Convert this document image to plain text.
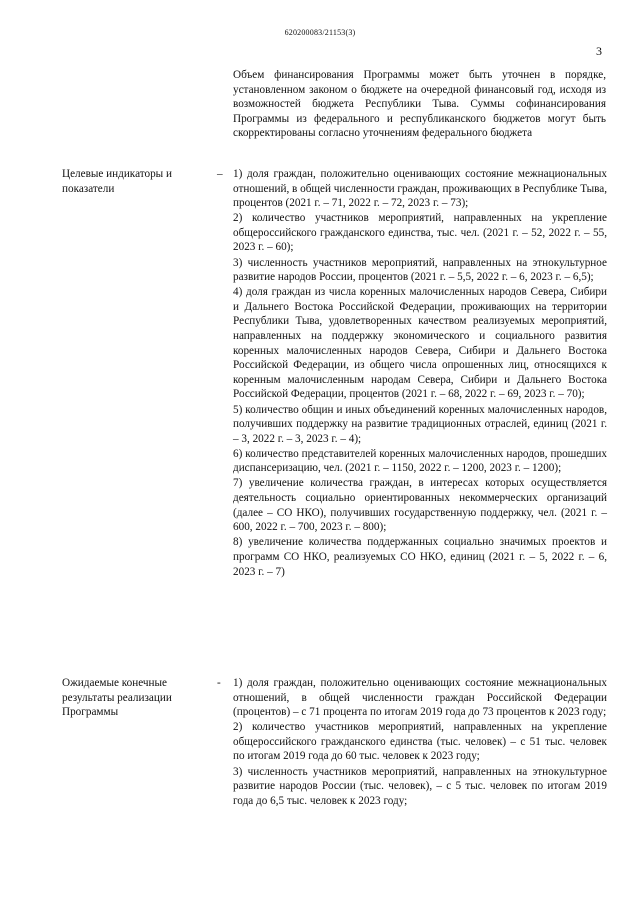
620200083/21153(3)
3

Объем финансирования Программы может быть уточнен в порядке, установленном законом о бюджете на очередной финансовый год, исходя из возможностей бюджета Республики Тыва. Суммы софинансирования Программы из федерального и республиканского бюджетов могут быть скорректированы согласно уточнениям федерального бюджета

Целевые индикаторы и показатели
– 1) доля граждан, положительно оценивающих состояние межнациональных отношений, в общей численности граждан, проживающих в Республике Тыва, процентов (2021 г. – 71, 2022 г. – 72, 2023 г. – 73);

2) количество участников мероприятий, направленных на укрепление общероссийского гражданского единства, тыс. чел. (2021 г. – 52, 2022 г. – 55, 2023 г. – 60);

3) численность участников мероприятий, направленных на этнокультурное развитие народов России, процентов (2021 г. – 5,5, 2022 г. – 6, 2023 г. – 6,5);

4) доля граждан из числа коренных малочисленных народов Севера, Сибири и Дальнего Востока Российской Федерации, проживающих на территории Республики Тыва, удовлетворенных качеством реализуемых мероприятий, направленных на поддержку экономического и социального развития коренных малочисленных народов Севера, Сибири и Дальнего Востока Российской Федерации, из общего числа опрошенных лиц, относящихся к коренным малочисленным народам Севера, Сибири и Дальнего Востока Российской Федерации, процентов (2021 г. – 68, 2022 г. – 69, 2023 г. – 70);

5) количество общин и иных объединений коренных малочисленных народов, получивших поддержку на развитие традиционных отраслей, единиц (2021 г. – 3, 2022 г. – 3, 2023 г. – 4);

6) количество представителей коренных малочисленных народов, прошедших диспансеризацию, чел. (2021 г. – 1150, 2022 г. – 1200, 2023 г. – 1200);

7) увеличение количества граждан, в интересах которых осуществляется деятельность социально ориентированных некоммерческих организаций (далее – СО НКО), получивших государственную поддержку, чел. (2021 г. – 600, 2022 г. – 700, 2023 г. – 800);

8) увеличение количества поддержанных социально значимых проектов и программ СО НКО, реализуемых СО НКО, единиц (2021 г. – 5, 2022 г. – 6, 2023 г. – 7)

Ожидаемые конечные результаты реализации Программы
- 1) доля граждан, положительно оценивающих состояние межнациональных отношений, в общей численности граждан Российской Федерации (процентов) – с 71 процента по итогам 2019 года до 73 процентов к 2023 году;

2) количество участников мероприятий, направленных на укрепление общероссийского гражданского единства (тыс. человек) – с 51 тыс. человек по итогам 2019 года до 60 тыс. человек к 2023 году;

3) численность участников мероприятий, направленных на этнокультурное развитие народов России (тыс. человек), – с 5 тыс. человек по итогам 2019 года до 6,5 тыс. человек к 2023 году;
